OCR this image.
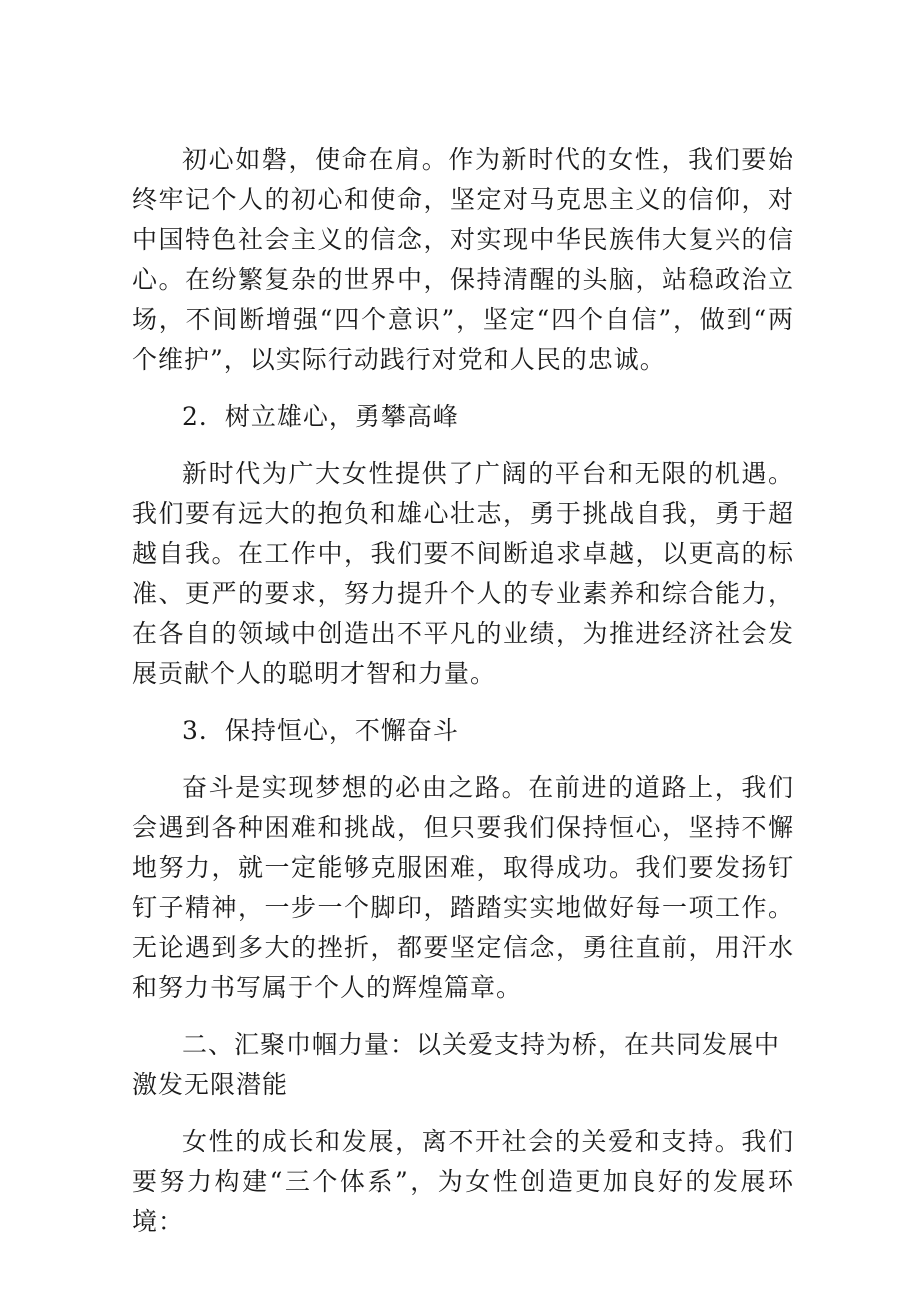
初心如磐，使命在肩。作为新时代的女性，我们要始终牢记个人的初心和使命，坚定对马克思主义的信仰，对中国特色社会主义的信念，对实现中华民族伟大复兴的信心。在纷繁复杂的世界中，保持清醒的头脑，站稳政治立场，不间断增强“四个意识”，坚定“四个自信”，做到“两个维护”，以实际行动践行对党和人民的忠诚。

2．树立雄心，勇攀高峰

新时代为广大女性提供了广阔的平台和无限的机遇。我们要有远大的抱负和雄心壮志，勇于挑战自我，勇于超越自我。在工作中，我们要不间断追求卓越，以更高的标准、更严的要求，努力提升个人的专业素养和综合能力，在各自的领域中创造出不平凡的业绩，为推进经济社会发展贡献个人的聪明才智和力量。

3．保持恒心，不懈奋斗

奋斗是实现梦想的必由之路。在前进的道路上，我们会遇到各种困难和挑战，但只要我们保持恒心，坚持不懈地努力，就一定能够克服困难，取得成功。我们要发扬钉钉子精神，一步一个脚印，踏踏实实地做好每一项工作。无论遇到多大的挫折，都要坚定信念，勇往直前，用汗水和努力书写属于个人的辉煌篇章。

二、汇聚巾帼力量：以关爱支持为桥，在共同发展中激发无限潜能

女性的成长和发展，离不开社会的关爱和支持。我们要努力构建“三个体系”，为女性创造更加良好的发展环境：
